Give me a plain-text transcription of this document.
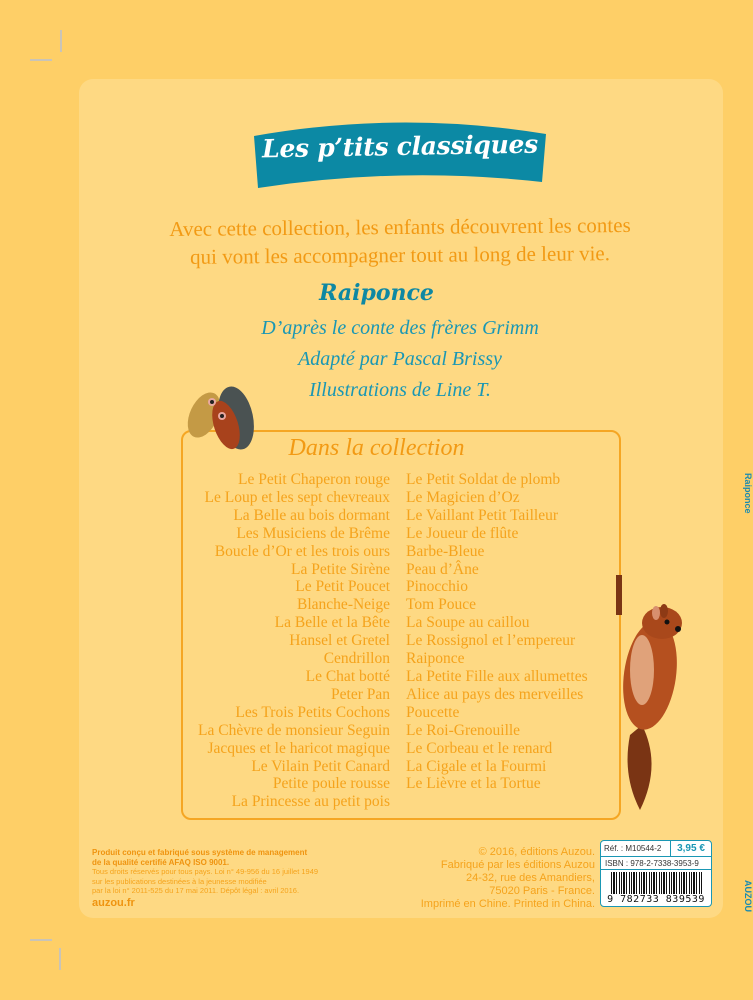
Les p’tits classiques
Avec cette collection, les enfants découvrent les contes
qui vont les accompagner tout au long de leur vie.
Raiponce
D’après le conte des frères Grimm
Adapté par Pascal Brissy
Illustrations de Line T.
Dans la collection
Le Petit Chaperon rouge
Le Loup et les sept chevreaux
La Belle au bois dormant
Les Musiciens de Brême
Boucle d’Or et les trois ours
La Petite Sirène
Le Petit Poucet
Blanche-Neige
La Belle et la Bête
Hansel et Gretel
Cendrillon
Le Chat botté
Peter Pan
Les Trois Petits Cochons
La Chèvre de monsieur Seguin
Jacques et le haricot magique
Le Vilain Petit Canard
Petite poule rousse
La Princesse au petit pois
Le Petit Soldat de plomb
Le Magicien d’Oz
Le Vaillant Petit Tailleur
Le Joueur de flûte
Barbe-Bleue
Peau d’Âne
Pinocchio
Tom Pouce
La Soupe au caillou
Le Rossignol et l’empereur
Raiponce
La Petite Fille aux allumettes
Alice au pays des merveilles
Poucette
Le Roi-Grenouille
Le Corbeau et le renard
La Cigale et la Fourmi
Le Lièvre et la Tortue
Produit conçu et fabriqué sous système de management
de la qualité certifié AFAQ ISO 9001.
Tous droits réservés pour tous pays. Loi n° 49-956 du 16 juillet 1949
sur les publications destinées à la jeunesse modifiée
par la loi n° 2011-525 du 17 mai 2011. Dépôt légal : avril 2016.
auzou.fr
© 2016, éditions Auzou.
Fabriqué par les éditions Auzou
24-32, rue des Amandiers,
75020 Paris - France.
Imprimé en Chine. Printed in China.
Réf. : M10544-2	3,95 €
ISBN : 978-2-7338-3953-9
9 782733 839539
Raiponce
AUZOU
